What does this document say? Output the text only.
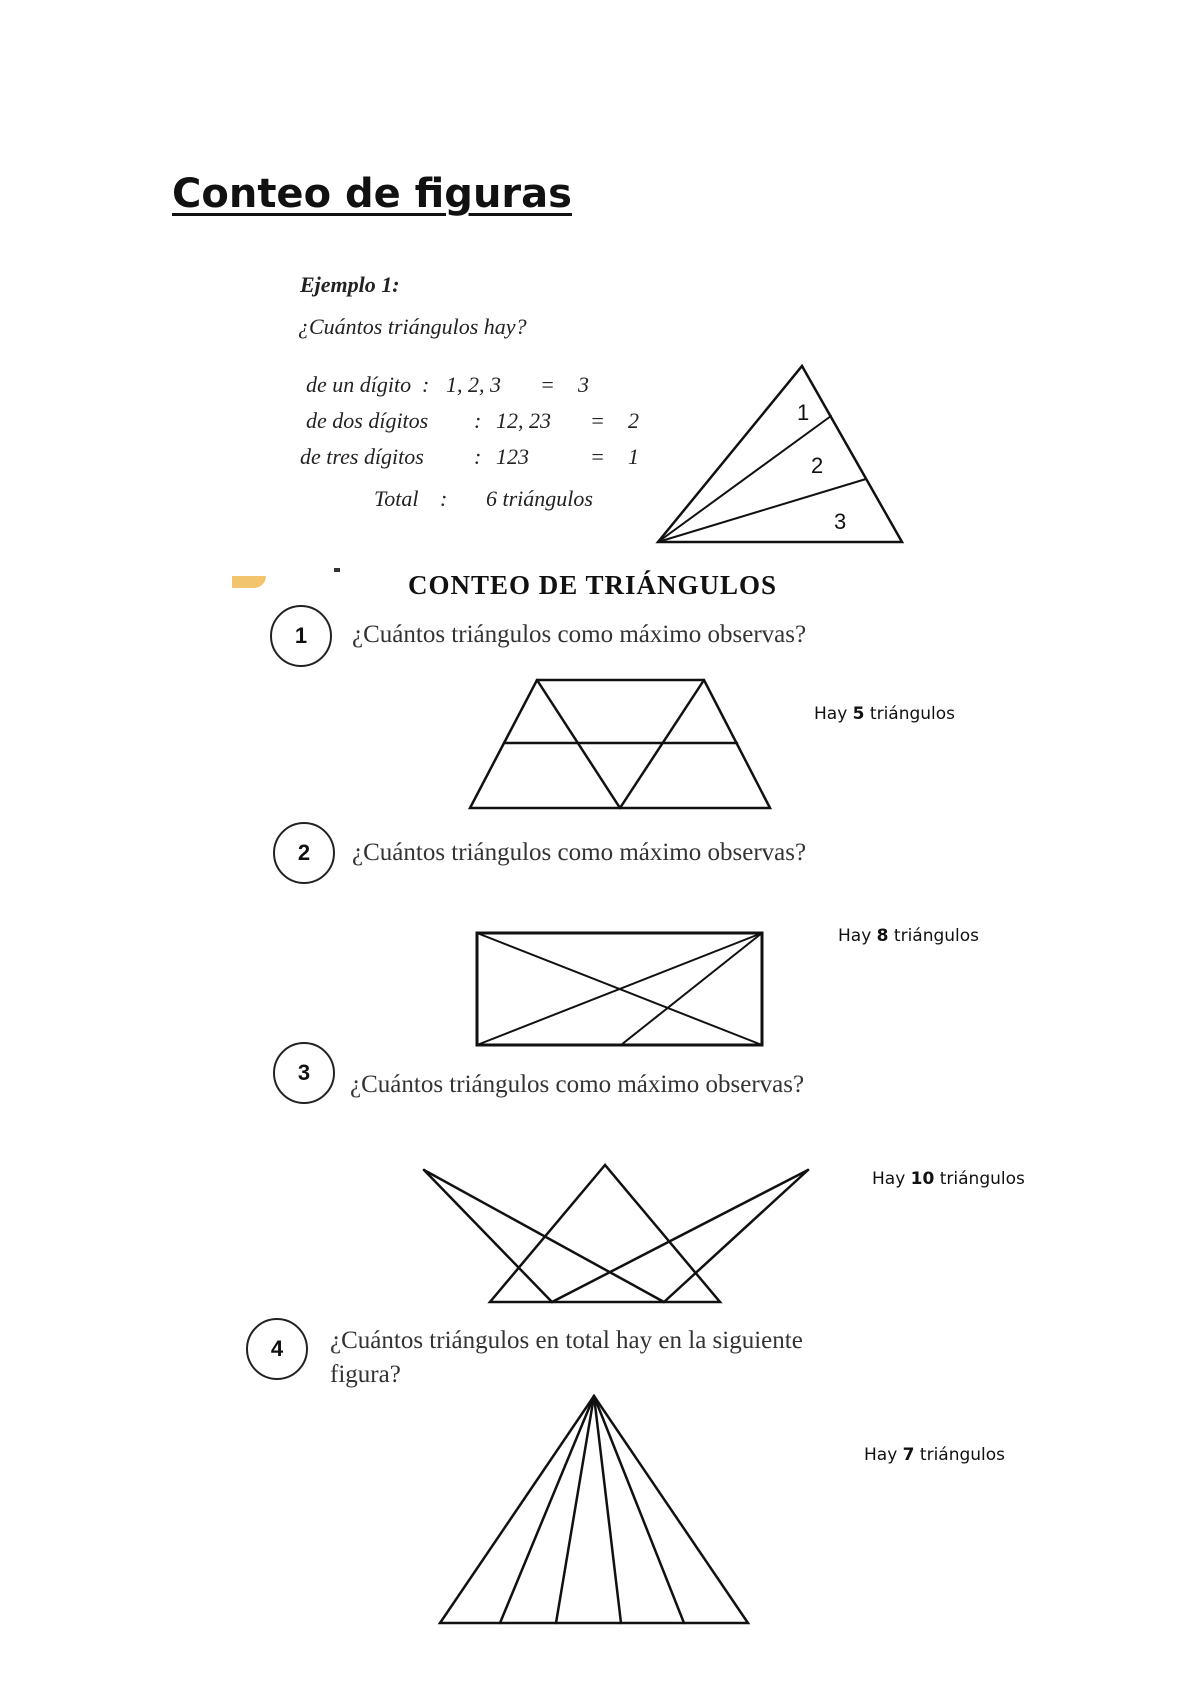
Conteo de figuras
Ejemplo 1:
¿Cuántos triángulos hay?
de un dígito : 1, 2, 3 = 3
de dos dígitos : 12, 23 = 2
de tres dígitos : 123	= 1
Total : 6 triángulos
1
2
3
CONTEO DE TRIÁNGULOS
1	¿Cuántos triángulos como máximo observas?
Hay 5 triángulos
2	¿Cuántos triángulos como máximo observas?
Hay 8 triángulos
3	¿Cuántos triángulos como máximo observas?
Hay 10 triángulos
4	¿Cuántos triángulos en total hay en la siguiente
figura?
Hay 7 triángulos
